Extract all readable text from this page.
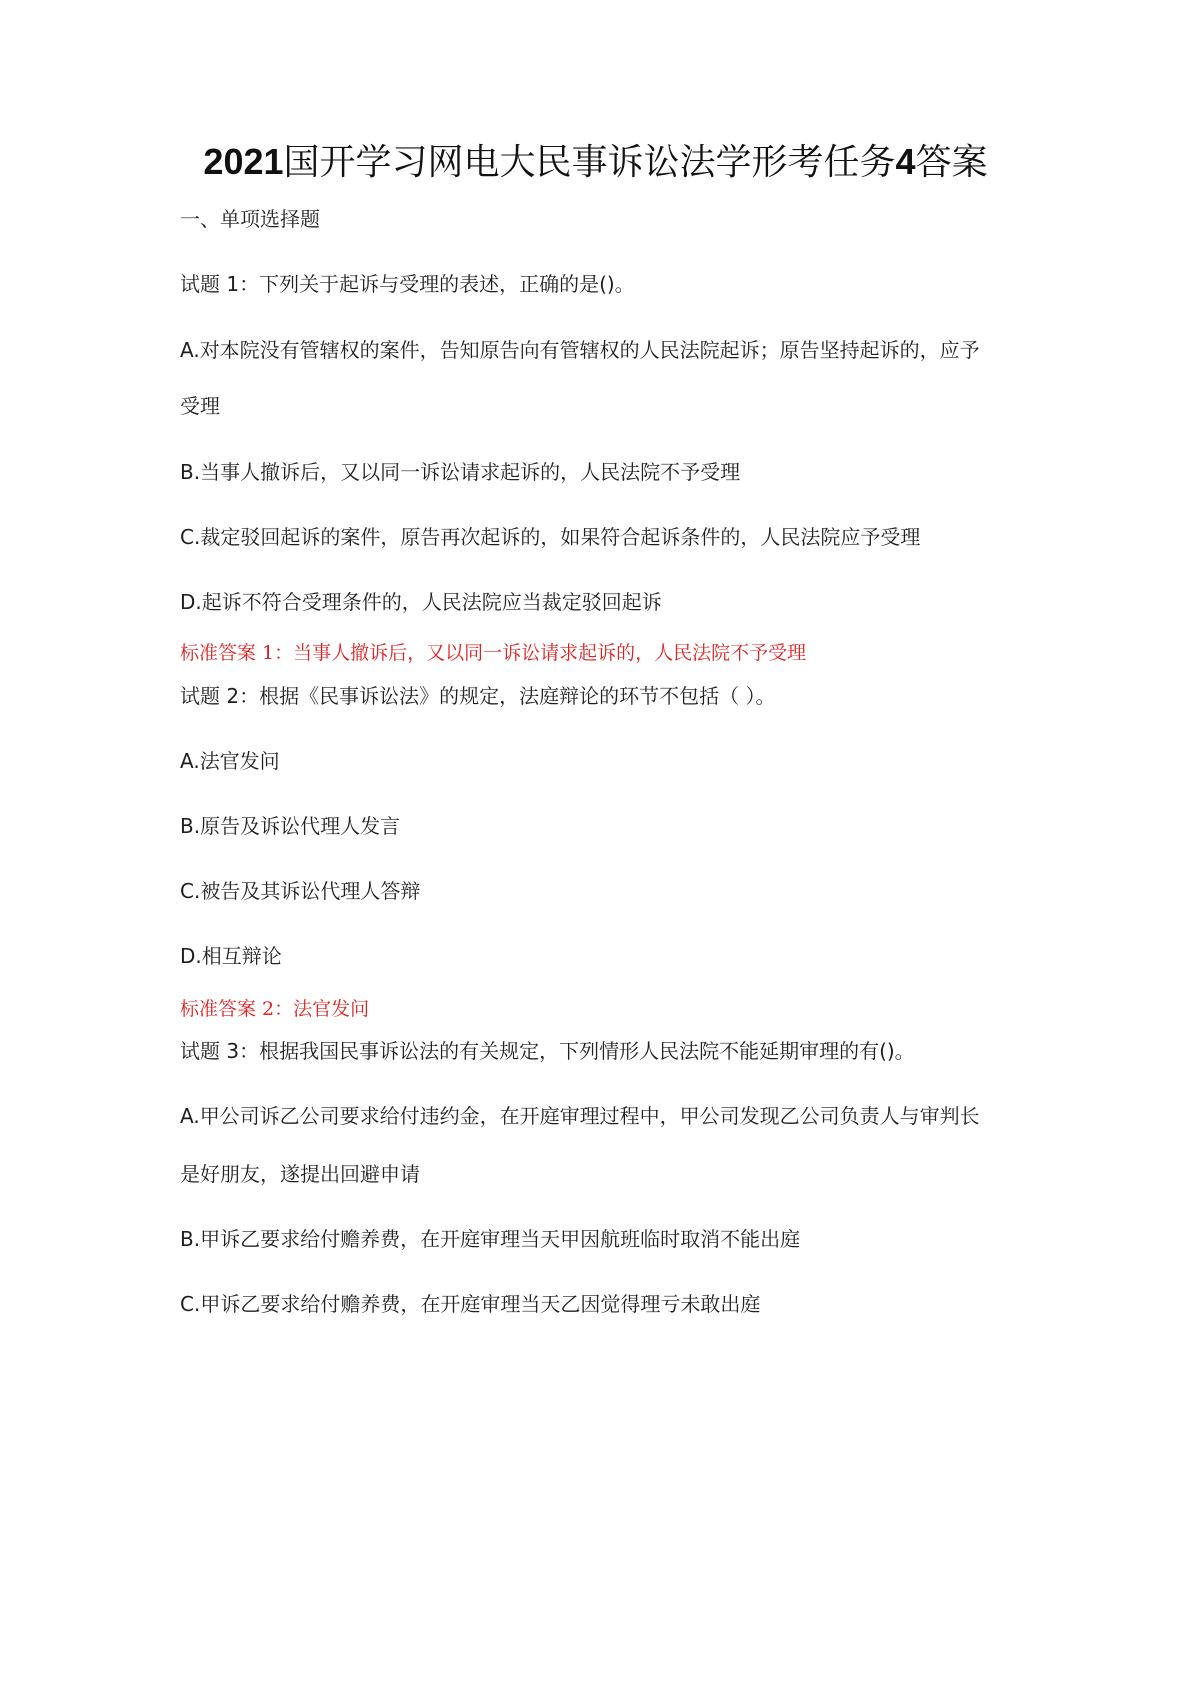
2021国开学习网电大民事诉讼法学形考任务4答案
一、单项选择题
试题 1：下列关于起诉与受理的表述，正确的是()。
A.对本院没有管辖权的案件，告知原告向有管辖权的人民法院起诉；原告坚持起诉的，应予
受理
B.当事人撤诉后，又以同一诉讼请求起诉的，人民法院不予受理
C.裁定驳回起诉的案件，原告再次起诉的，如果符合起诉条件的，人民法院应予受理
D.起诉不符合受理条件的，人民法院应当裁定驳回起诉
标准答案 1：当事人撤诉后，又以同一诉讼请求起诉的，人民法院不予受理
试题 2：根据《民事诉讼法》的规定，法庭辩论的环节不包括（ ）。
A.法官发问
B.原告及诉讼代理人发言
C.被告及其诉讼代理人答辩
D.相互辩论
标准答案 2：法官发问
试题 3：根据我国民事诉讼法的有关规定，下列情形人民法院不能延期审理的有()。
A.甲公司诉乙公司要求给付违约金，在开庭审理过程中，甲公司发现乙公司负责人与审判长
是好朋友，遂提出回避申请
B.甲诉乙要求给付赡养费，在开庭审理当天甲因航班临时取消不能出庭
C.甲诉乙要求给付赡养费，在开庭审理当天乙因觉得理亏未敢出庭
